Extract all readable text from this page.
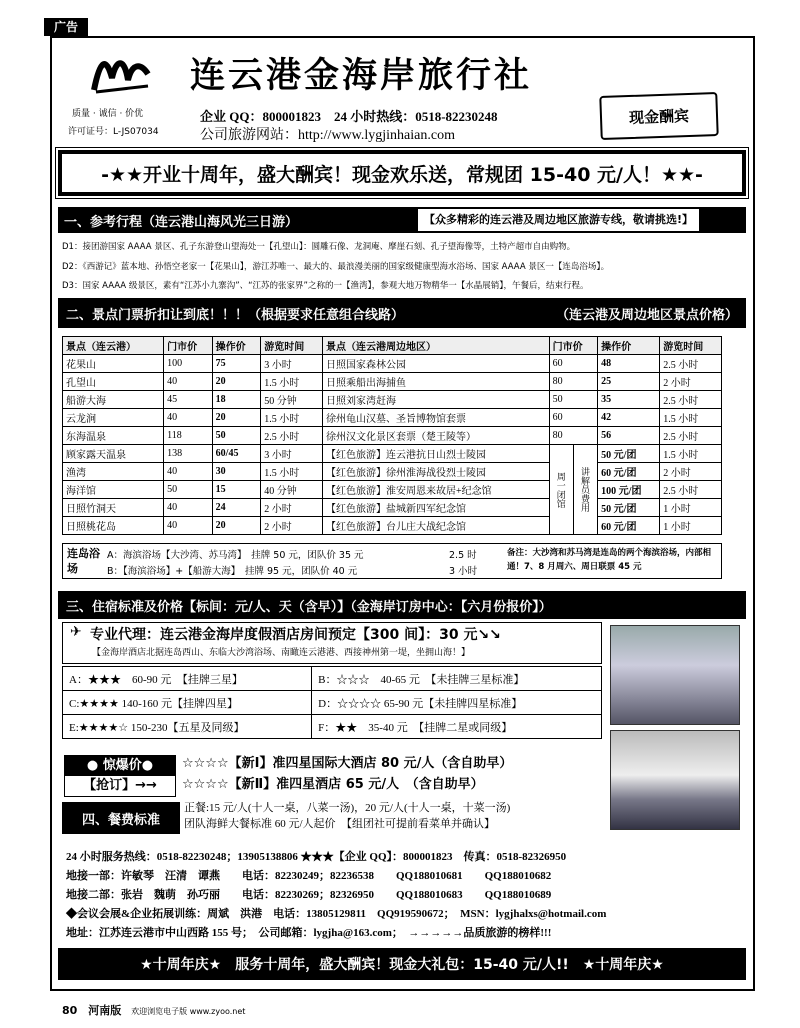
广告
连云港金海岸旅行社
质量 · 诚信 · 价优
许可证号：L-JS07034
企业 QQ：800001823　24 小时热线：0518-82230248
公司旅游网站：http://www.lygjinhaian.com
现金酬宾
-★★开业十周年，盛大酬宾！现金欢乐送，常规团 15-40 元/人！★★-
一、参考行程（连云港山海风光三日游）	【众多精彩的连云港及周边地区旅游专线，敬请挑选!】
D1：接团游国家 AAAA 景区、孔子东游登山望海处一【孔望山】：圆雕石像、龙洞庵、摩崖石刻、孔子望海像等，土特产超市自由购物。
D2：《西游记》蓝本地、孙悟空老家一【花果山】，游江苏唯一、最大的、最浪漫美丽的国家级健康型海水浴场、国家 AAAA 景区一【连岛浴场】。
D3：国家 AAAA 级景区，素有“江苏小九寨沟”、“江苏的张家界”之称的一【渔湾】，参观大地万物精华一【水晶展销】，午餐后，结束行程。
二、景点门票折扣让到底！！！（根据要求任意组合线路）	（连云港及周边地区景点价格）
景点（连云港）	门市价	操作价	游览时间	景点（连云港周边地区）	门市价		操作价	游览时间
花果山	100	75	3 小时	日照国家森林公园	60		48	2.5 小时
孔望山	40	20	1.5 小时	日照乘船出海捕鱼	80		25	2 小时
船游大海	45	18	50 分钟	日照刘家湾赶海	50		35	2.5 小时
云龙涧	40	20	1.5 小时	徐州龟山汉墓、圣旨博物馆套票	60		42	1.5 小时
东海温泉	118	50	2.5 小时	徐州汉文化景区套票（楚王陵等）	80		56	2.5 小时
顾家露天温泉	138	60/45	3 小时	【红色旅游】连云港抗日山烈士陵园	周一闭馆	讲解员费用	50 元/团	1.5 小时
渔湾	40	30	1.5 小时	【红色旅游】徐州淮海战役烈士陵园			60 元/团	2 小时
海洋馆	50	15	40 分钟	【红色旅游】淮安周恩来故居+纪念馆			100 元/团	2.5 小时
日照竹洞天	40	24	2 小时	【红色旅游】盐城新四军纪念馆			50 元/团	1 小时
日照桃花岛	40	20	2 小时	【红色旅游】台儿庄大战纪念馆			60 元/团	1 小时
连岛浴场
A：海滨浴场【大沙湾、苏马湾】　挂牌 50 元，团队价 35 元	2.5 时
B：【海滨浴场】+【船游大海】　挂牌 95 元，团队价 40 元	3 小时
备注：大沙湾和苏马湾是连岛的两个海滨浴场，内部相通！7、8 月周六、周日联票 45 元
三、住宿标准及价格【标间：元/人、天（含早）】（金海岸订房中心：【六月份报价】）
✈ 专业代理：连云港金海岸度假酒店房间预定【300 间】：30 元↘↘
【金海岸酒店北据连岛西山、东临大沙湾浴场、南瞰连云港港、西接神州第一堤，坐拥山海！】
A：★★★　60-90 元　【挂牌三星】	B：☆☆☆　40-65 元　【未挂牌三星标准】
C:★★★★ 140-160 元【挂牌四星】	D：☆☆☆☆ 65-90 元【未挂牌四星标准】
E:★★★★☆ 150-230【五星及同级】	F：★★　35-40 元　【挂牌二星或同级】
● 惊爆价●
【抢订】→→
☆☆☆☆【新Ⅰ】准四星国际大酒店 80 元/人（含自助早）
☆☆☆☆【新Ⅱ】准四星酒店 65 元/人　（含自助早）
四、餐费标准
正餐:15 元/人(十人一桌，八菜一汤)，20 元/人(十人一桌，十菜一汤)
团队海鲜大餐标准 60 元/人起价　【组团社可提前看菜单并确认】
24 小时服务热线：0518-82230248；13905138806 ★★★【企业 QQ】：800001823　传真：0518-82326950
地接一部：许敏琴　汪清　谭燕　　电话：82230249；82236538　　QQ188010681　　QQ188010682
地接二部：张岩　魏萌　孙巧丽　　电话：82230269；82326950　　QQ188010683　　QQ188010689
◆会议会展&企业拓展训练：周斌　洪港　电话：13805129811　QQ919590672；　MSN：lygjhalxs@hotmail.com
地址：江苏连云港市中山西路 155 号；　公司邮箱：lygjha@163.com；　→→→→→品质旅游的榜样!!!
★十周年庆★　服务十周年，盛大酬宾！现金大礼包：15-40 元/人!!　★十周年庆★
80　河南版 欢迎浏览电子版 www.zyoo.net
